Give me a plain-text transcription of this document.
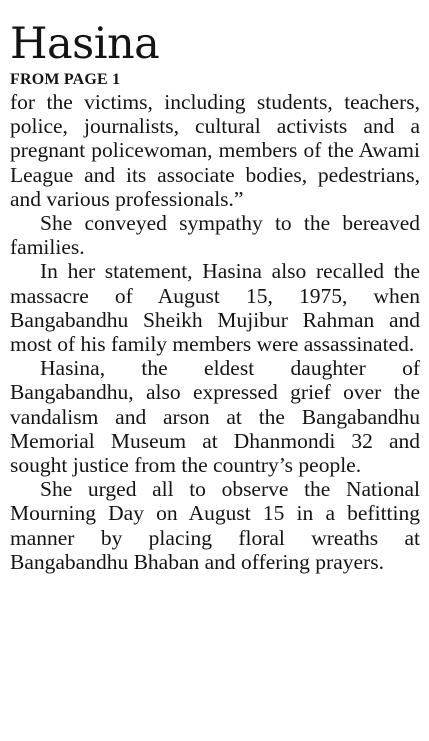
Hasina
FROM PAGE 1

for the victims, including students, teachers, police, journalists, cultural activists and a pregnant policewoman, members of the Awami League and its associate bodies, pedestrians, and various professionals.”

She conveyed sympathy to the bereaved families.

In her statement, Hasina also recalled the massacre of August 15, 1975, when Bangabandhu Sheikh Mujibur Rahman and most of his family members were assassinated.

Hasina, the eldest daughter of Bangabandhu, also expressed grief over the vandalism and arson at the Bangabandhu Memorial Museum at Dhanmondi 32 and sought justice from the country’s people.

She urged all to observe the National Mourning Day on August 15 in a befitting manner by placing floral wreaths at Bangabandhu Bhaban and offering prayers.
